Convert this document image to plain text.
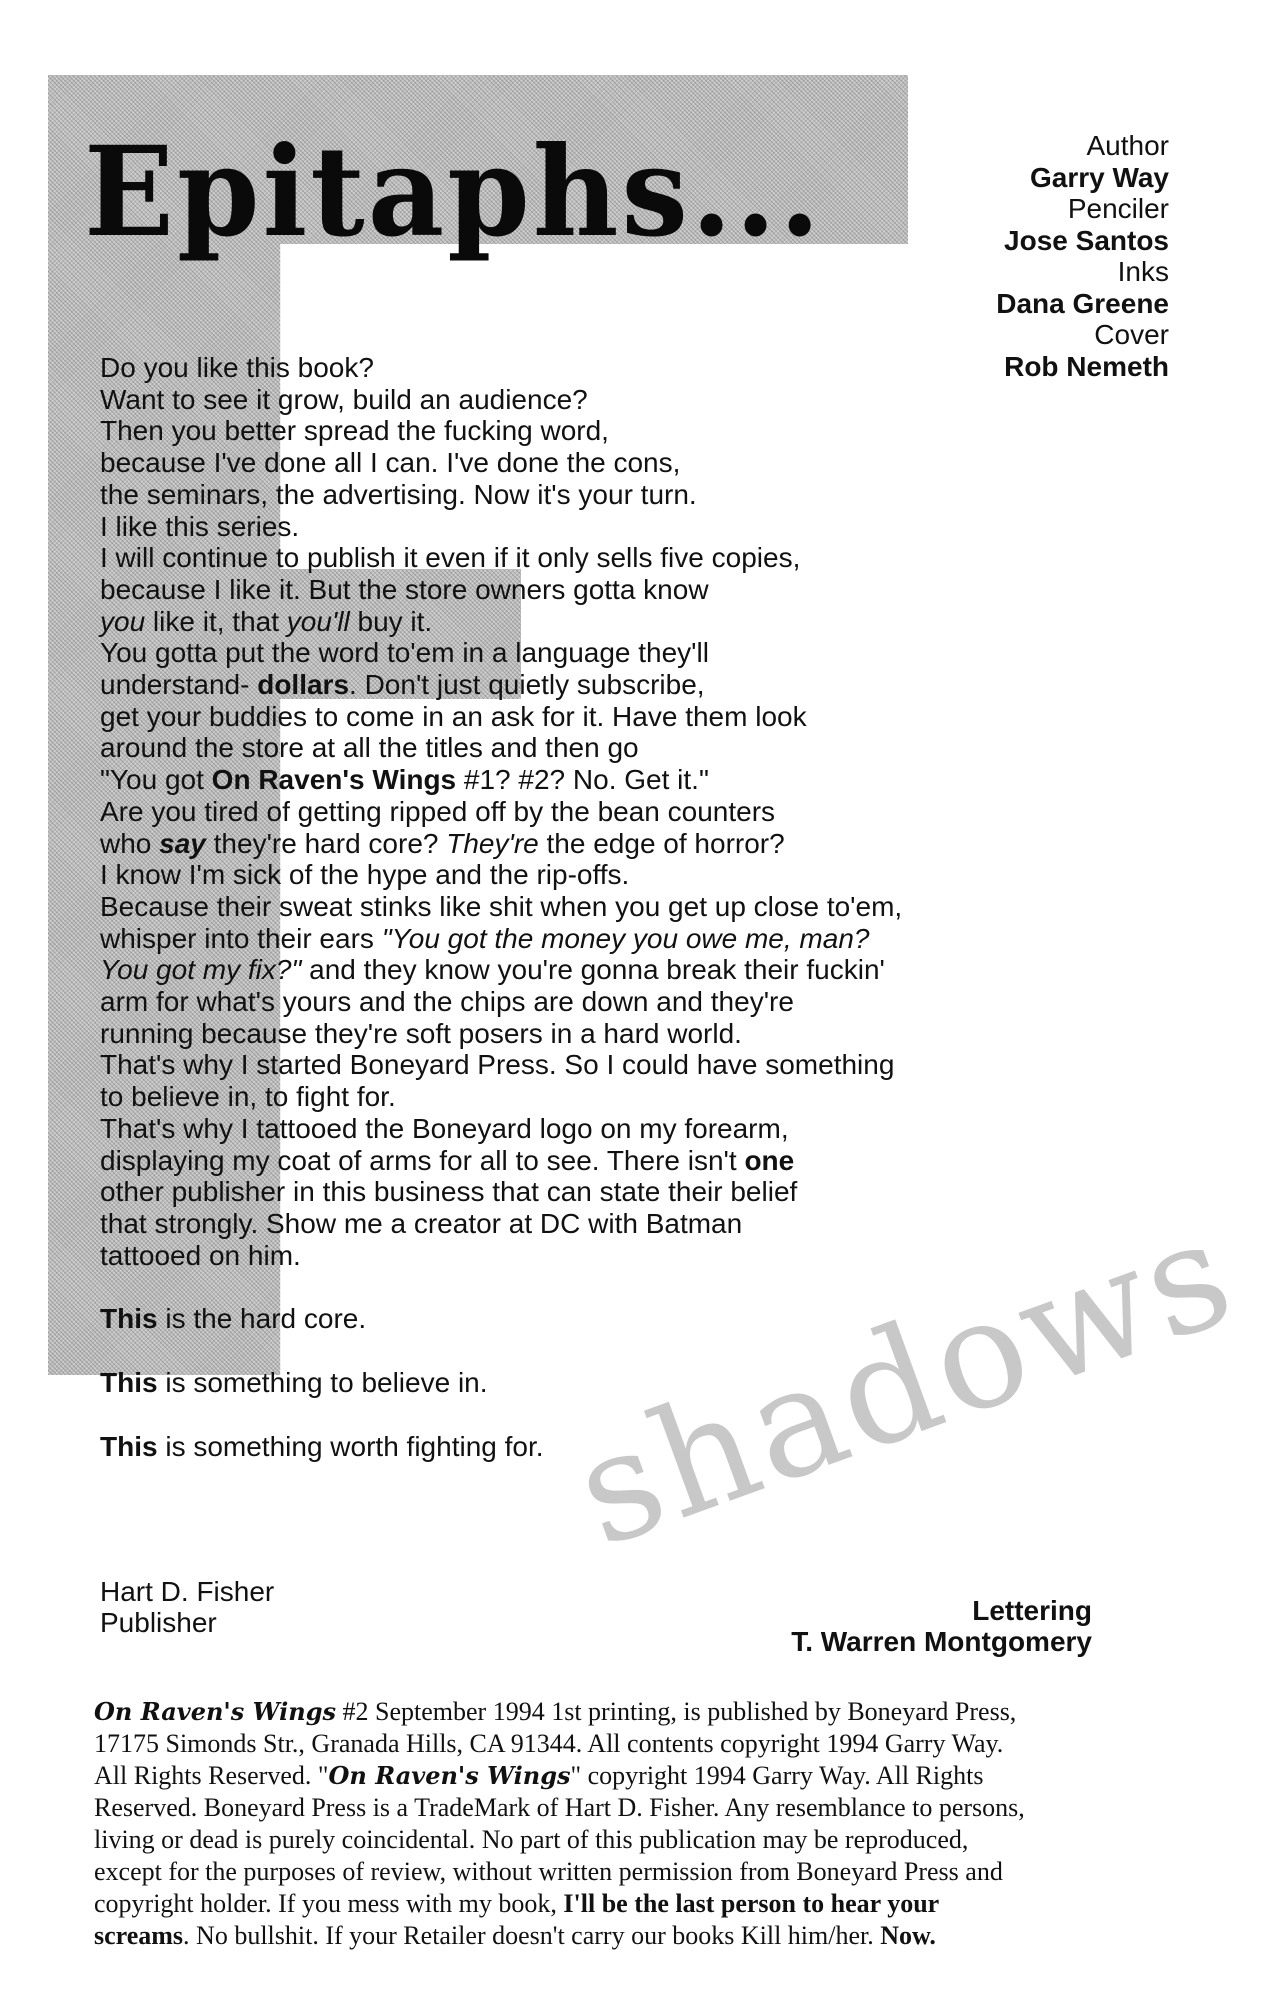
Epitaphs...	Author
Garry Way
Penciler
Jose Santos
Inks
Dana Greene
Cover
Rob Nemeth

shadows

Do you like this book?
Want to see it grow, build an audience?
Then you better spread the fucking word,
because I've done all I can. I've done the cons,
the seminars, the advertising. Now it's your turn.
I like this series.
I will continue to publish it even if it only sells five copies,
because I like it. But the store owners gotta know
you like it, that you'll buy it.
You gotta put the word to'em in a language they'll
understand- dollars. Don't just quietly subscribe,
get your buddies to come in an ask for it. Have them look
around the store at all the titles and then go
"You got On Raven's Wings #1? #2? No. Get it."
Are you tired of getting ripped off by the bean counters
who say they're hard core? They're the edge of horror?
I know I'm sick of the hype and the rip-offs.
Because their sweat stinks like shit when you get up close to'em,
whisper into their ears "You got the money you owe me, man?
You got my fix?" and they know you're gonna break their fuckin'
arm for what's yours and the chips are down and they're
running because they're soft posers in a hard world.
That's why I started Boneyard Press. So I could have something
to believe in, to fight for.
That's why I tattooed the Boneyard logo on my forearm,
displaying my coat of arms for all to see. There isn't one
other publisher in this business that can state their belief
that strongly. Show me a creator at DC with Batman
tattooed on him.
This is the hard core.
This is something to believe in.
This is something worth fighting for.
Hart D. Fisher
Publisher	Lettering
T. Warren Montgomery
On Raven's Wings #2 September 1994 1st printing, is published by Boneyard Press,
17175 Simonds Str., Granada Hills, CA 91344. All contents copyright 1994 Garry Way.
All Rights Reserved. "On Raven's Wings" copyright 1994 Garry Way. All Rights
Reserved. Boneyard Press is a TradeMark of Hart D. Fisher. Any resemblance to persons,
living or dead is purely coincidental. No part of this publication may be reproduced,
except for the purposes of review, without written permission from Boneyard Press and
copyright holder. If you mess with my book, I'll be the last person to hear your
screams. No bullshit. If your Retailer doesn't carry our books Kill him/her. Now.
